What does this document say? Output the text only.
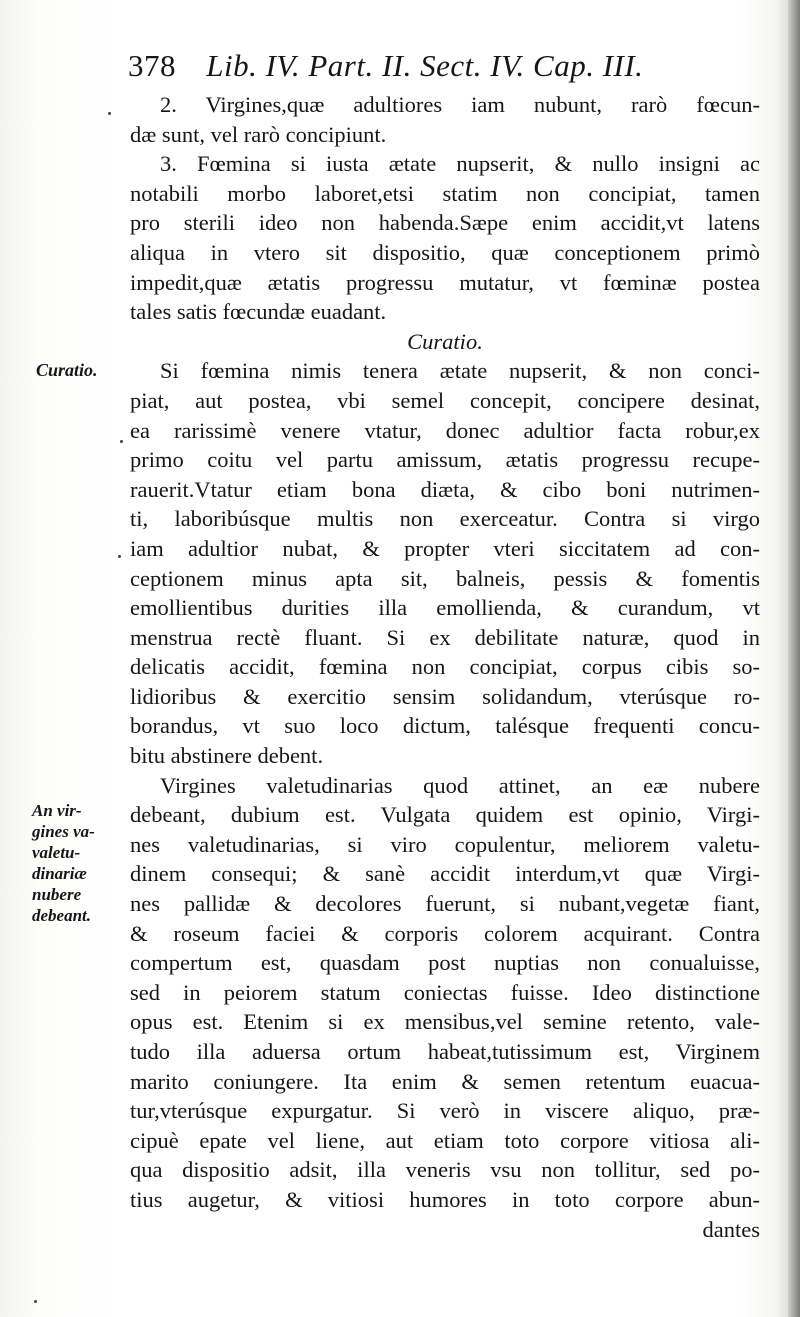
378 Lib. IV. Part. II. Sect. IV. Cap. III.
Curatio.
An vir-
gines va-
valetu-
dinariæ
nubere
debeant.
2. Virgines,quæ adultiores iam nubunt, rarò fœcun-
dæ sunt, vel rarò concipiunt.
3. Fœmina si iusta ætate nupserit, & nullo insigni ac
notabili morbo laboret,etsi statim non concipiat, tamen
pro sterili ideo non habenda.Sæpe enim accidit,vt latens
aliqua in vtero sit dispositio, quæ conceptionem primò
impedit,quæ ætatis progressu mutatur, vt fœminæ postea
tales satis fœcundæ euadant.
Curatio.
Si fœmina nimis tenera ætate nupserit, & non conci-
piat, aut postea, vbi semel concepit, concipere desinat,
ea rarissimè venere vtatur, donec adultior facta robur,ex
primo coitu vel partu amissum, ætatis progressu recupe-
rauerit.Vtatur etiam bona diæta, & cibo boni nutrimen-
ti, laboribúsque multis non exerceatur. Contra si virgo
iam adultior nubat, & propter vteri siccitatem ad con-
ceptionem minus apta sit, balneis, pessis & fomentis
emollientibus durities illa emollienda, & curandum, vt
menstrua rectè fluant. Si ex debilitate naturæ, quod in
delicatis accidit, fœmina non concipiat, corpus cibis so-
lidioribus & exercitio sensim solidandum, vterúsque ro-
borandus, vt suo loco dictum, talésque frequenti concu-
bitu abstinere debent.
Virgines valetudinarias quod attinet, an eæ nubere
debeant, dubium est. Vulgata quidem est opinio, Virgi-
nes valetudinarias, si viro copulentur, meliorem valetu-
dinem consequi; & sanè accidit interdum,vt quæ Virgi-
nes pallidæ & decolores fuerunt, si nubant,vegetæ fiant,
& roseum faciei & corporis colorem acquirant. Contra
compertum est, quasdam post nuptias non conualuisse,
sed in peiorem statum coniectas fuisse. Ideo distinctione
opus est. Etenim si ex mensibus,vel semine retento, vale-
tudo illa aduersa ortum habeat,tutissimum est, Virginem
marito coniungere. Ita enim & semen retentum euacua-
tur,vterúsque expurgatur. Si verò in viscere aliquo, præ-
cipuè epate vel liene, aut etiam toto corpore vitiosa ali-
qua dispositio adsit, illa veneris vsu non tollitur, sed po-
tius augetur, & vitiosi humores in toto corpore abun-
dantes
